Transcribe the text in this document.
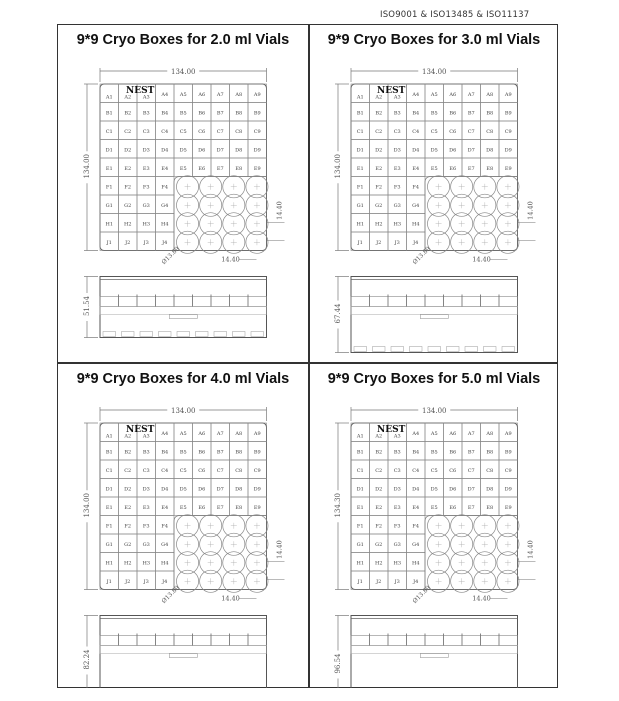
ISO9001 & ISO13485 & ISO11137
9*9 Cryo Boxes for 2.0 ml Vials
134.00
134.00
A1 A2 A3 A4 A5 A6 A7 A8 A9
B1 B2 B3 B4 B5 B6 B7 B8 B9
C1 C2 C3 C4 C5 C6 C7 C8 C9
D1 D2 D3 D4 D5 D6 D7 D8 D9
E1 E2 E3 E4 E5 E6 E7 E8 E9
F1 F2 F3 F4
G1 G2 G3 G4
H1 H2 H3 H4
J1	J2	J3	J4
NEST
14.40
14.40
Ø13.89
51.54
9*9 Cryo Boxes for 3.0 ml Vials
134.00
134.00
A1 A2 A3 A4 A5 A6 A7 A8 A9
B1 B2 B3 B4 B5 B6 B7 B8 B9
C1 C2 C3 C4 C5 C6 C7 C8 C9
D1 D2 D3 D4 D5 D6 D7 D8 D9
E1 E2 E3 E4 E5 E6 E7 E8 E9
F1 F2 F3 F4
G1 G2 G3 G4
H1 H2 H3 H4
J1	J2	J3	J4
NEST
14.40
14.40
Ø13.89
67.44
9*9 Cryo Boxes for 4.0 ml Vials
134.00
134.00
A1 A2 A3 A4 A5 A6 A7 A8 A9
B1 B2 B3 B4 B5 B6 B7 B8 B9
C1 C2 C3 C4 C5 C6 C7 C8 C9
D1 D2 D3 D4 D5 D6 D7 D8 D9
E1 E2 E3 E4 E5 E6 E7 E8 E9
F1 F2 F3 F4
G1 G2 G3 G4
H1 H2 H3 H4
J1	J2	J3	J4
NEST
14.40
14.40
Ø13.89
82.24
9*9 Cryo Boxes for 5.0 ml Vials
134.00
134.30
A1 A2 A3 A4 A5 A6 A7 A8 A9
B1 B2 B3 B4 B5 B6 B7 B8 B9
C1 C2 C3 C4 C5 C6 C7 C8 C9
D1 D2 D3 D4 D5 D6 D7 D8 D9
E1 E2 E3 E4 E5 E6 E7 E8 E9
F1 F2 F3 F4
G1 G2 G3 G4
H1 H2 H3 H4
J1	J2	J3	J4
NEST
14.40
14.40
Ø13.89
96.54
